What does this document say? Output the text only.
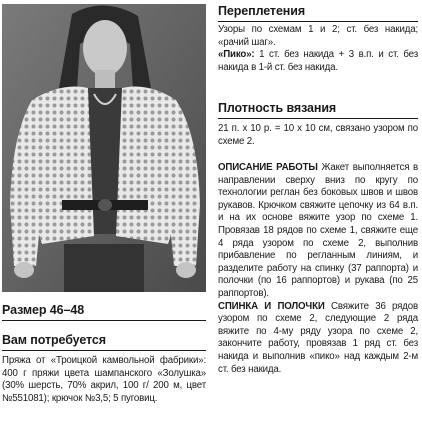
Размер 46–48
Вам потребуется
Пряжа от «Троицкой камвольной фабрики»: 400 г пряжи цвета шампанского «Золушка» (30% шерсть, 70% акрил, 100 г/ 200 м, цвет №551081); крючок №3,5; 5 пуговиц.
Переплетения

Узоры по схемам 1 и 2; ст. без накида; «рачий шаг».

«Пико»: 1 ст. без накида + 3 в.п. и ст. без накида в 1-й ст. без накида.

Плотность вязания
21 п. х 10 р. = 10 х 10 см, связано узором по схеме 2.

ОПИСАНИЕ РАБОТЫ Жакет выполняется в направлении сверху вниз по кругу по технологии реглан без боковых швов и швов рукавов. Крючком свяжите цепочку из 64 в.п. и на их основе вяжите узор по схеме 1. Провязав 18 рядов по схеме 1, свяжите еще 4 ряда узором по схеме 2, выполнив прибавление по регланным линиям, и разделите работу на спинку (37 раппорта) и полочки (по 16 раппортов) и рукава (по 25 раппортов).

СПИНКА И ПОЛОЧКИ Свяжите 36 рядов узором по схеме 2, следующие 2 ряда вяжите по 4-му ряду узора по схеме 2, закончите работу, провязав 1 ряд ст. без накида и выполнив «пико» над каждым 2-м ст. без накида.
